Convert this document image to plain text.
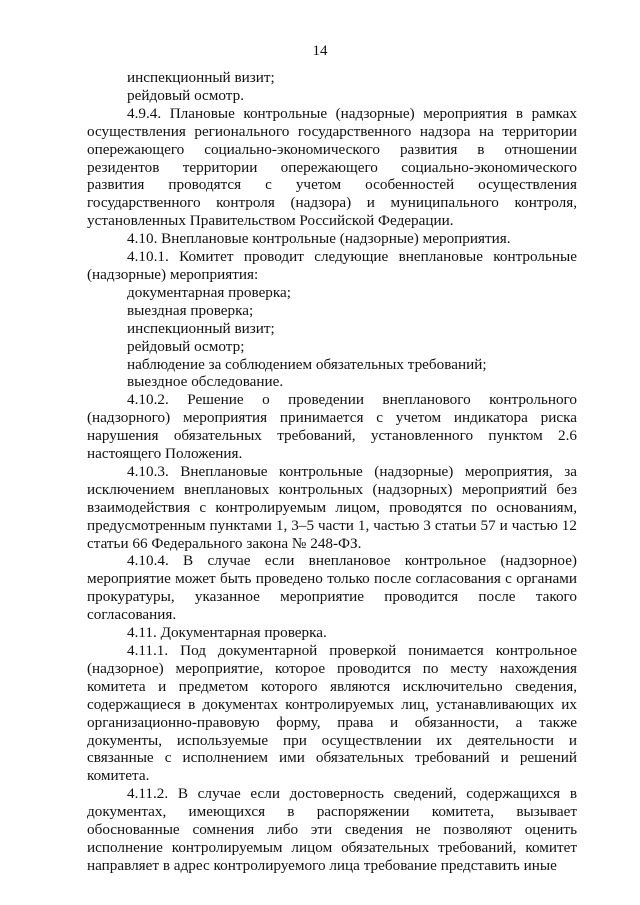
14

инспекционный визит;

рейдовый осмотр.

4.9.4. Плановые контрольные (надзорные) мероприятия в рамках осуществления регионального государственного надзора на территории опережающего социально-экономического развития в отношении резидентов территории опережающего социально-экономического развития проводятся с учетом особенностей осуществления государственного контроля (надзора) и муниципального контроля, установленных Правительством Российской Федерации.

4.10. Внеплановые контрольные (надзорные) мероприятия.

4.10.1. Комитет проводит следующие внеплановые контрольные (надзорные) мероприятия:

документарная проверка;

выездная проверка;

инспекционный визит;

рейдовый осмотр;

наблюдение за соблюдением обязательных требований;

выездное обследование.

4.10.2. Решение о проведении внепланового контрольного (надзорного) мероприятия принимается с учетом индикатора риска нарушения обязательных требований, установленного пунктом 2.6 настоящего Положения.

4.10.3. Внеплановые контрольные (надзорные) мероприятия, за исключением внеплановых контрольных (надзорных) мероприятий без взаимодействия с контролируемым лицом, проводятся по основаниям, предусмотренным пунктами 1, 3–5 части 1, частью 3 статьи 57 и частью 12 статьи 66 Федерального закона № 248-ФЗ.

4.10.4. В случае если внеплановое контрольное (надзорное) мероприятие может быть проведено только после согласования с органами прокуратуры, указанное мероприятие проводится после такого согласования.

4.11. Документарная проверка.

4.11.1. Под документарной проверкой понимается контрольное (надзорное) мероприятие, которое проводится по месту нахождения комитета и предметом которого являются исключительно сведения, содержащиеся в документах контролируемых лиц, устанавливающих их организационно-правовую форму, права и обязанности, а также документы, используемые при осуществлении их деятельности и связанные с исполнением ими обязательных требований и решений комитета.

4.11.2. В случае если достоверность сведений, содержащихся в документах, имеющихся в распоряжении комитета, вызывает обоснованные сомнения либо эти сведения не позволяют оценить исполнение контролируемым лицом обязательных требований, комитет направляет в адрес контролируемого лица требование представить иные
